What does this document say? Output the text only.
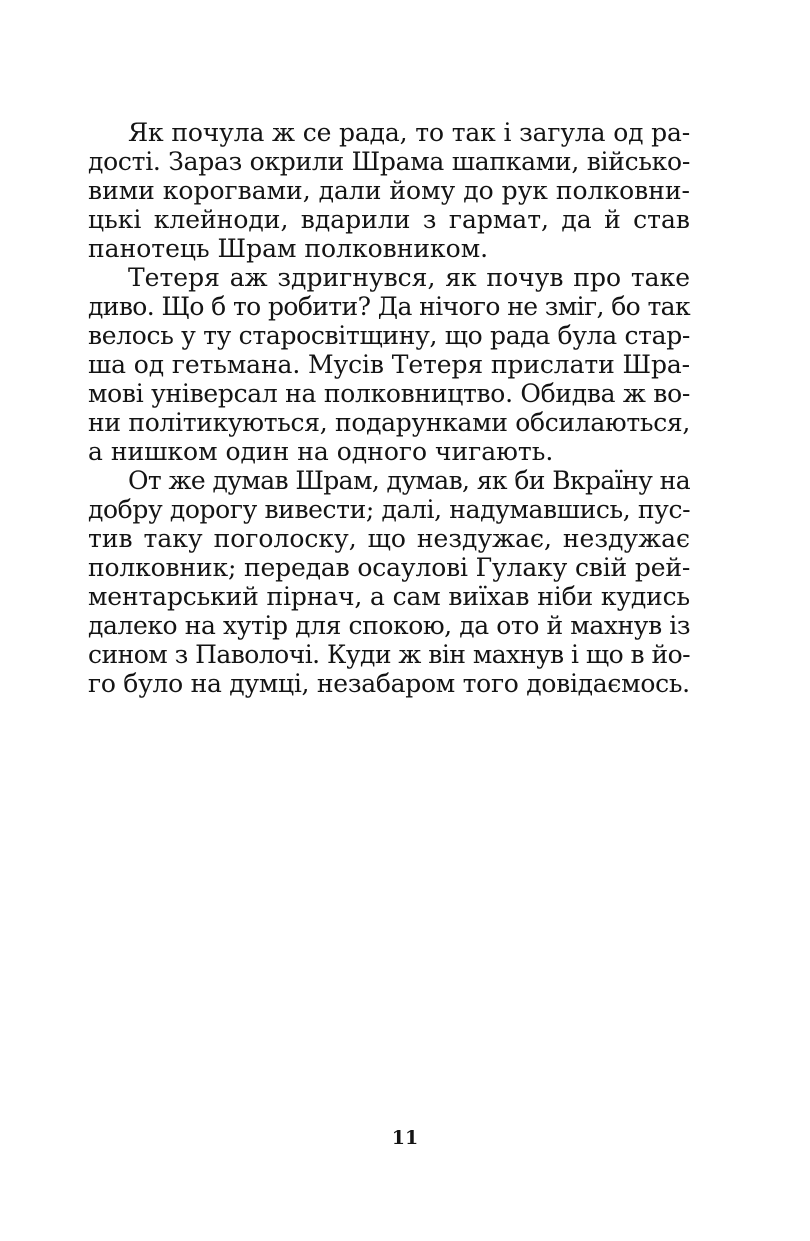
Як почула ж се рада, то так і загула од ра-
дості. Зараз окрили Шрама шапками, військо-
вими корогвами, дали йому до рук полковни-
цькі клейноди, вдарили з гармат, да й став
панотець Шрам полковником.
Тетеря аж здригнувся, як почув про таке
диво. Що б то робити? Да нічого не зміг, бо так
велось у ту старосвітщину, що рада була стар-
ша од гетьмана. Мусів Тетеря прислати Шра-
мові універсал на полковництво. Обидва ж во-
ни політикуються, подарунками обсилаються,
а нишком один на одного чигають.
От же думав Шрам, думав, як би Вкраїну на
добру дорогу вивести; далі, надумавшись, пус-
тив таку поголоску, що нездужає, нездужає
полковник; передав осаулові Гулаку свій рей-
ментарський пірнач, а сам виїхав ніби кудись
далеко на хутір для спокою, да ото й махнув із
сином з Паволочі. Куди ж він махнув і що в йо-
го було на думці, незабаром того довідаємось.
11
